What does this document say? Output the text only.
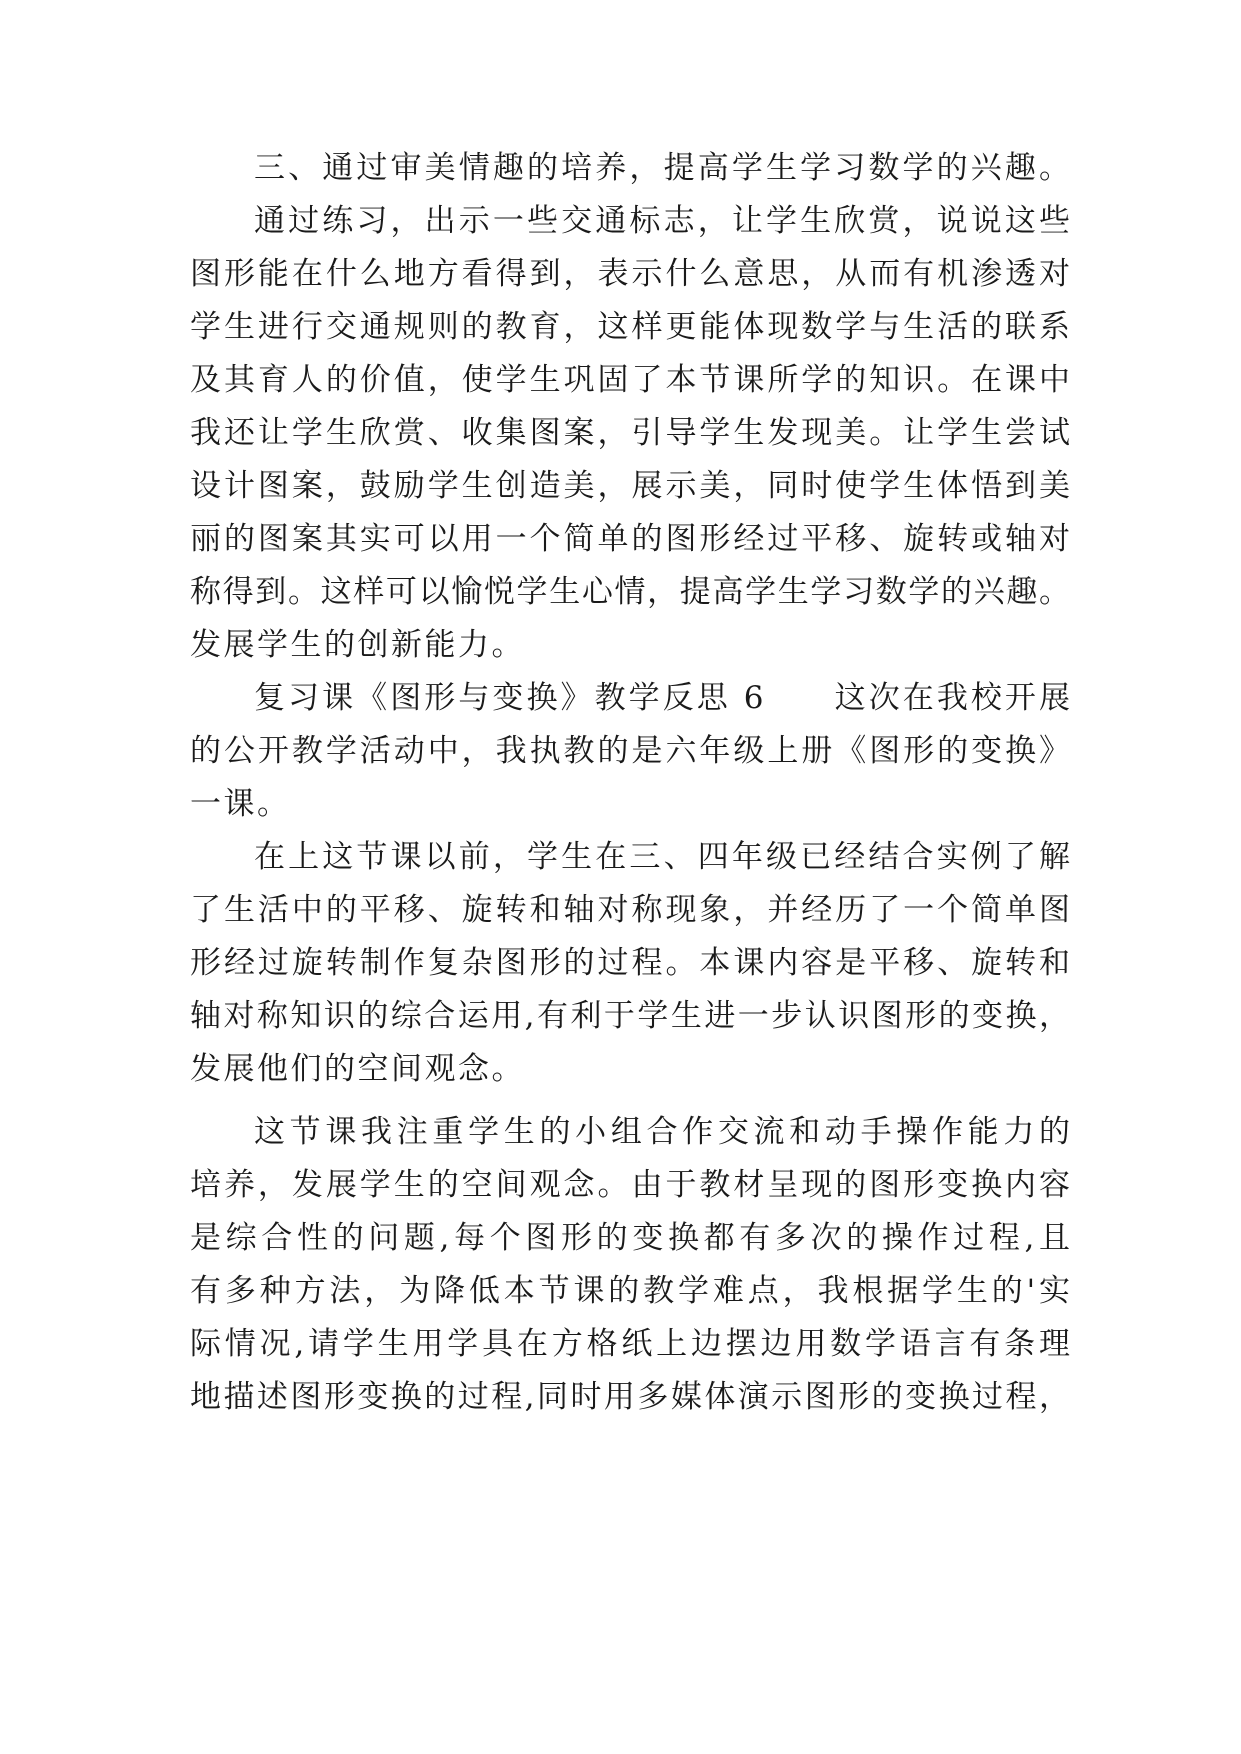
三、通过审美情趣的培养，提高学生学习数学的兴趣。
通过练习，出示一些交通标志，让学生欣赏，说说这些
图形能在什么地方看得到，表示什么意思，从而有机渗透对
学生进行交通规则的教育，这样更能体现数学与生活的联系
及其育人的价值，使学生巩固了本节课所学的知识。在课中
我还让学生欣赏、收集图案，引导学生发现美。让学生尝试
设计图案，鼓励学生创造美，展示美，同时使学生体悟到美
丽的图案其实可以用一个简单的图形经过平移、旋转或轴对
称得到。这样可以愉悦学生心情，提高学生学习数学的兴趣。
发展学生的创新能力。
复习课《图形与变换》教学反思 6　　这次在我校开展
的公开教学活动中，我执教的是六年级上册《图形的变换》
一课。
在上这节课以前，学生在三、四年级已经结合实例了解
了生活中的平移、旋转和轴对称现象，并经历了一个简单图
形经过旋转制作复杂图形的过程。本课内容是平移、旋转和
轴对称知识的综合运用,有利于学生进一步认识图形的变换，
发展他们的空间观念。
这节课我注重学生的小组合作交流和动手操作能力的
培养，发展学生的空间观念。由于教材呈现的图形变换内容
是综合性的问题,每个图形的变换都有多次的操作过程,且
有多种方法，为降低本节课的教学难点，我根据学生的'实
际情况,请学生用学具在方格纸上边摆边用数学语言有条理
地描述图形变换的过程,同时用多媒体演示图形的变换过程，
